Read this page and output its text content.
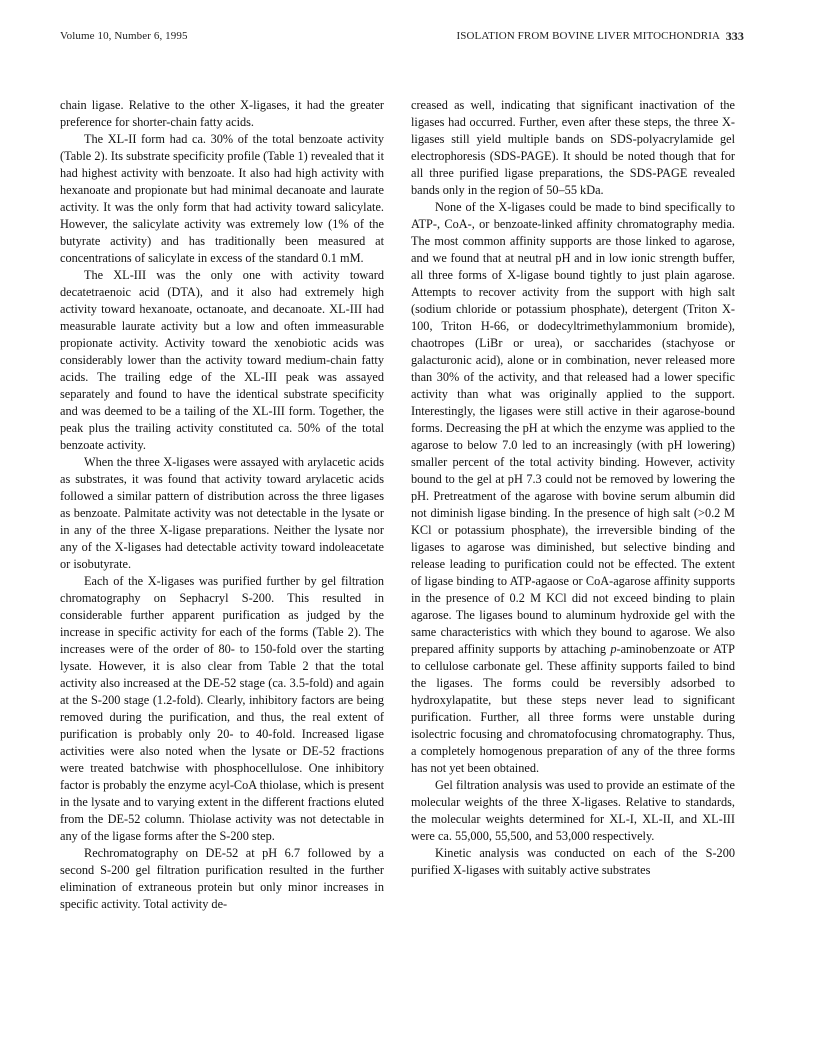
Volume 10, Number 6, 1995	ISOLATION FROM BOVINE LIVER MITOCHONDRIA 333

chain ligase. Relative to the other X-ligases, it had the greater preference for shorter-chain fatty acids.

The XL-II form had ca. 30% of the total benzoate activity (Table 2). Its substrate specificity profile (Table 1) revealed that it had highest activity with benzoate. It also had high activity with hexanoate and propionate but had minimal decanoate and laurate activity. It was the only form that had activity toward salicylate. However, the salicylate activity was extremely low (1% of the butyrate activity) and has traditionally been measured at concentrations of salicylate in excess of the standard 0.1 mM.

The XL-III was the only one with activity toward decatetraenoic acid (DTA), and it also had extremely high activity toward hexanoate, octanoate, and decanoate. XL-III had measurable laurate activity but a low and often immeasurable propionate activity. Activity toward the xenobiotic acids was considerably lower than the activity toward medium-chain fatty acids. The trailing edge of the XL-III peak was assayed separately and found to have the identical substrate specificity and was deemed to be a tailing of the XL-III form. Together, the peak plus the trailing activity constituted ca. 50% of the total benzoate activity.

When the three X-ligases were assayed with arylacetic acids as substrates, it was found that activity toward arylacetic acids followed a similar pattern of distribution across the three ligases as benzoate. Palmitate activity was not detectable in the lysate or in any of the three X-ligase preparations. Neither the lysate nor any of the X-ligases had detectable activity toward indoleacetate or isobutyrate.

Each of the X-ligases was purified further by gel filtration chromatography on Sephacryl S-200. This resulted in considerable further apparent purification as judged by the increase in specific activity for each of the forms (Table 2). The increases were of the order of 80- to 150-fold over the starting lysate. However, it is also clear from Table 2 that the total activity also increased at the DE-52 stage (ca. 3.5-fold) and again at the S-200 stage (1.2-fold). Clearly, inhibitory factors are being removed during the purification, and thus, the real extent of purification is probably only 20- to 40-fold. Increased ligase activities were also noted when the lysate or DE-52 fractions were treated batchwise with phosphocellulose. One inhibitory factor is probably the enzyme acyl-CoA thiolase, which is present in the lysate and to varying extent in the different fractions eluted from the DE-52 column. Thiolase activity was not detectable in any of the ligase forms after the S-200 step.

Rechromatography on DE-52 at pH 6.7 followed by a second S-200 gel filtration purification resulted in the further elimination of extraneous protein but only minor increases in specific activity. Total activity de-

creased as well, indicating that significant inactivation of the ligases had occurred. Further, even after these steps, the three X-ligases still yield multiple bands on SDS-polyacrylamide gel electrophoresis (SDS-PAGE). It should be noted though that for all three purified ligase preparations, the SDS-PAGE revealed bands only in the region of 50–55 kDa.

None of the X-ligases could be made to bind specifically to ATP-, CoA-, or benzoate-linked affinity chromatography media. The most common affinity supports are those linked to agarose, and we found that at neutral pH and in low ionic strength buffer, all three forms of X-ligase bound tightly to just plain agarose. Attempts to recover activity from the support with high salt (sodium chloride or potassium phosphate), detergent (Triton X-100, Triton H-66, or dodecyltrimethylammonium bromide), chaotropes (LiBr or urea), or saccharides (stachyose or galacturonic acid), alone or in combination, never released more than 30% of the activity, and that released had a lower specific activity than what was originally applied to the support. Interestingly, the ligases were still active in their agarose-bound forms. Decreasing the pH at which the enzyme was applied to the agarose to below 7.0 led to an increasingly (with pH lowering) smaller percent of the total activity binding. However, activity bound to the gel at pH 7.3 could not be removed by lowering the pH. Pretreatment of the agarose with bovine serum albumin did not diminish ligase binding. In the presence of high salt (>0.2 M KCl or potassium phosphate), the irreversible binding of the ligases to agarose was diminished, but selective binding and release leading to purification could not be effected. The extent of ligase binding to ATP-agaose or CoA-agarose affinity supports in the presence of 0.2 M KCl did not exceed binding to plain agarose. The ligases bound to aluminum hydroxide gel with the same characteristics with which they bound to agarose. We also prepared affinity supports by attaching p-aminobenzoate or ATP to cellulose carbonate gel. These affinity supports failed to bind the ligases. The forms could be reversibly adsorbed to hydroxylapatite, but these steps never lead to significant purification. Further, all three forms were unstable during isolectric focusing and chromatofocusing chromatography. Thus, a completely homogenous preparation of any of the three forms has not yet been obtained.

Gel filtration analysis was used to provide an estimate of the molecular weights of the three X-ligases. Relative to standards, the molecular weights determined for XL-I, XL-II, and XL-III were ca. 55,000, 55,500, and 53,000 respectively.

Kinetic analysis was conducted on each of the S-200 purified X-ligases with suitably active substrates
